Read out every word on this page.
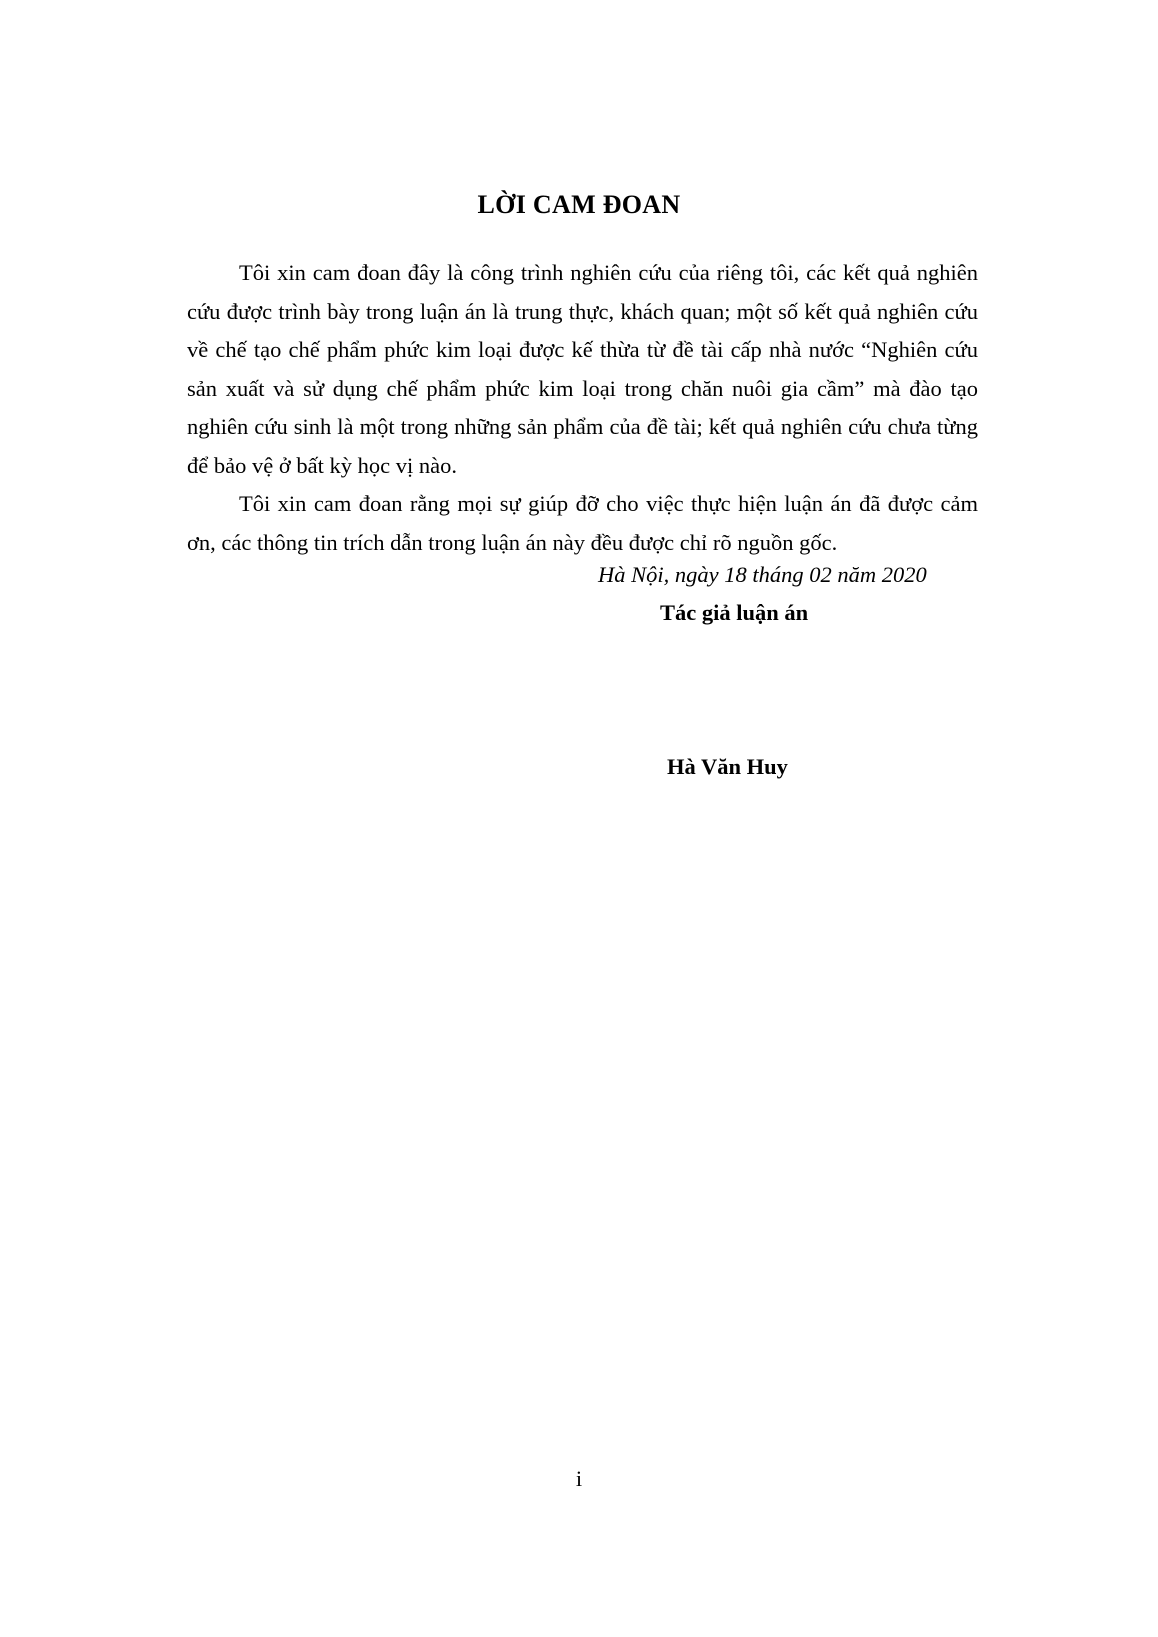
LỜI CAM ĐOAN

Tôi xin cam đoan đây là công trình nghiên cứu của riêng tôi, các kết quả nghiên cứu được trình bày trong luận án là trung thực, khách quan; một số kết quả nghiên cứu về chế tạo chế phẩm phức kim loại được kế thừa từ đề tài cấp nhà nước “Nghiên cứu sản xuất và sử dụng chế phẩm phức kim loại trong chăn nuôi gia cầm” mà đào tạo nghiên cứu sinh là một trong những sản phẩm của đề tài; kết quả nghiên cứu chưa từng để bảo vệ ở bất kỳ học vị nào.

Tôi xin cam đoan rằng mọi sự giúp đỡ cho việc thực hiện luận án đã được cảm ơn, các thông tin trích dẫn trong luận án này đều được chỉ rõ nguồn gốc.

Hà Nội, ngày 18 tháng 02 năm 2020

Tác giả luận án

Hà Văn Huy

i
